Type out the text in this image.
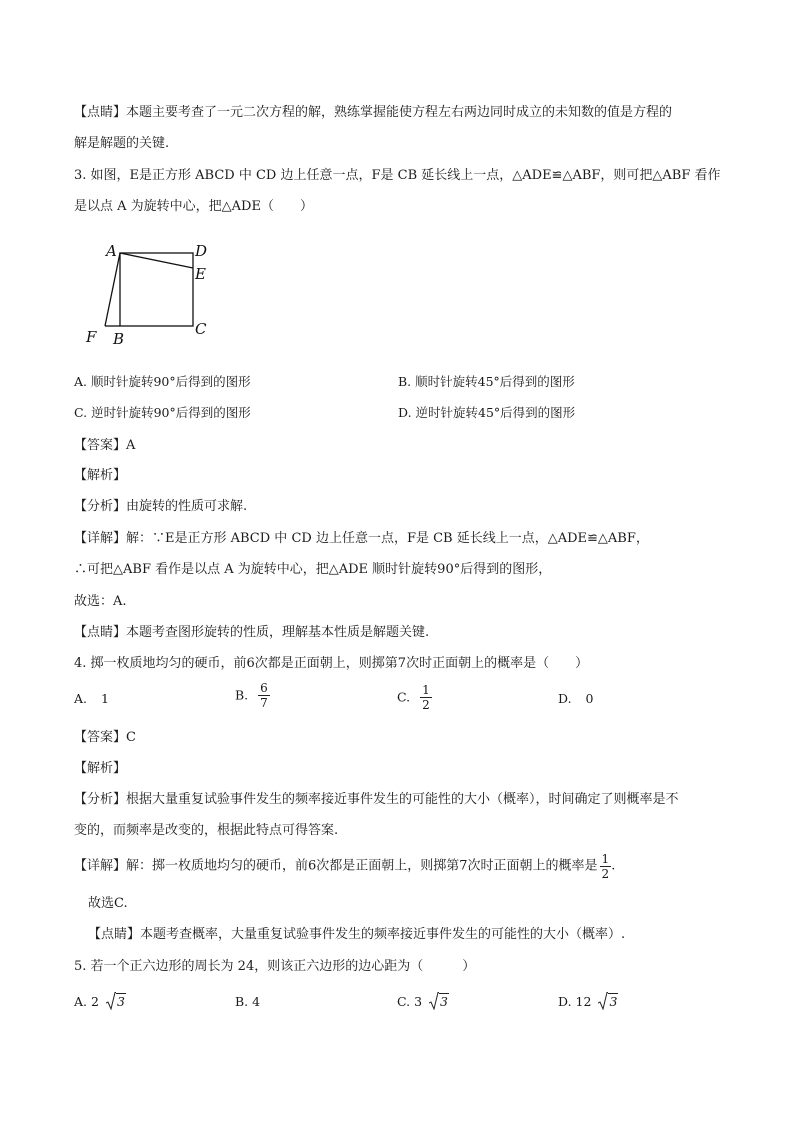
【点睛】本题主要考查了一元二次方程的解，熟练掌握能使方程左右两边同时成立的未知数的值是方程的
解是解题的关键.
3. 如图，E是正方形 ABCD 中 CD 边上任意一点，F是 CB 延长线上一点，△ADE≌△ABF，则可把△ABF 看作
是以点 A 为旋转中心，把△ADE（　　）
A	D
E
C
F B
A. 顺时针旋转90°后得到的图形	B. 顺时针旋转45°后得到的图形
C. 逆时针旋转90°后得到的图形	D. 逆时针旋转45°后得到的图形
【答案】A
【解析】
【分析】由旋转的性质可求解.
【详解】解：∵E是正方形 ABCD 中 CD 边上任意一点，F是 CB 延长线上一点，△ADE≌△ABF，
∴可把△ABF 看作是以点 A 为旋转中心，把△ADE 顺时针旋转90°后得到的图形，
故选：A.
【点睛】本题考查图形旋转的性质，理解基本性质是解题关键.
4. 掷一枚质地均匀的硬币，前6次都是正面朝上，则掷第7次时正面朝上的概率是（　　）
A. 1	B. $\frac{6}{7}$	C. $\frac{1}{2}$	D. 0
【答案】C
【解析】
【分析】根据大量重复试验事件发生的频率接近事件发生的可能性的大小（概率），时间确定了则概率是不
变的，而频率是改变的，根据此特点可得答案.
【详解】解：掷一枚质地均匀的硬币，前6次都是正面朝上，则掷第7次时正面朝上的概率是 $\frac{1}{2}$ .
故选C.
【点睛】本题考查概率，大量重复试验事件发生的频率接近事件发生的可能性的大小（概率）.
5. 若一个正六边形的周长为 24，则该正六边形的边心距为（　　　）
A. 2 3	B. 4	C. 3 3	D. 12 3
